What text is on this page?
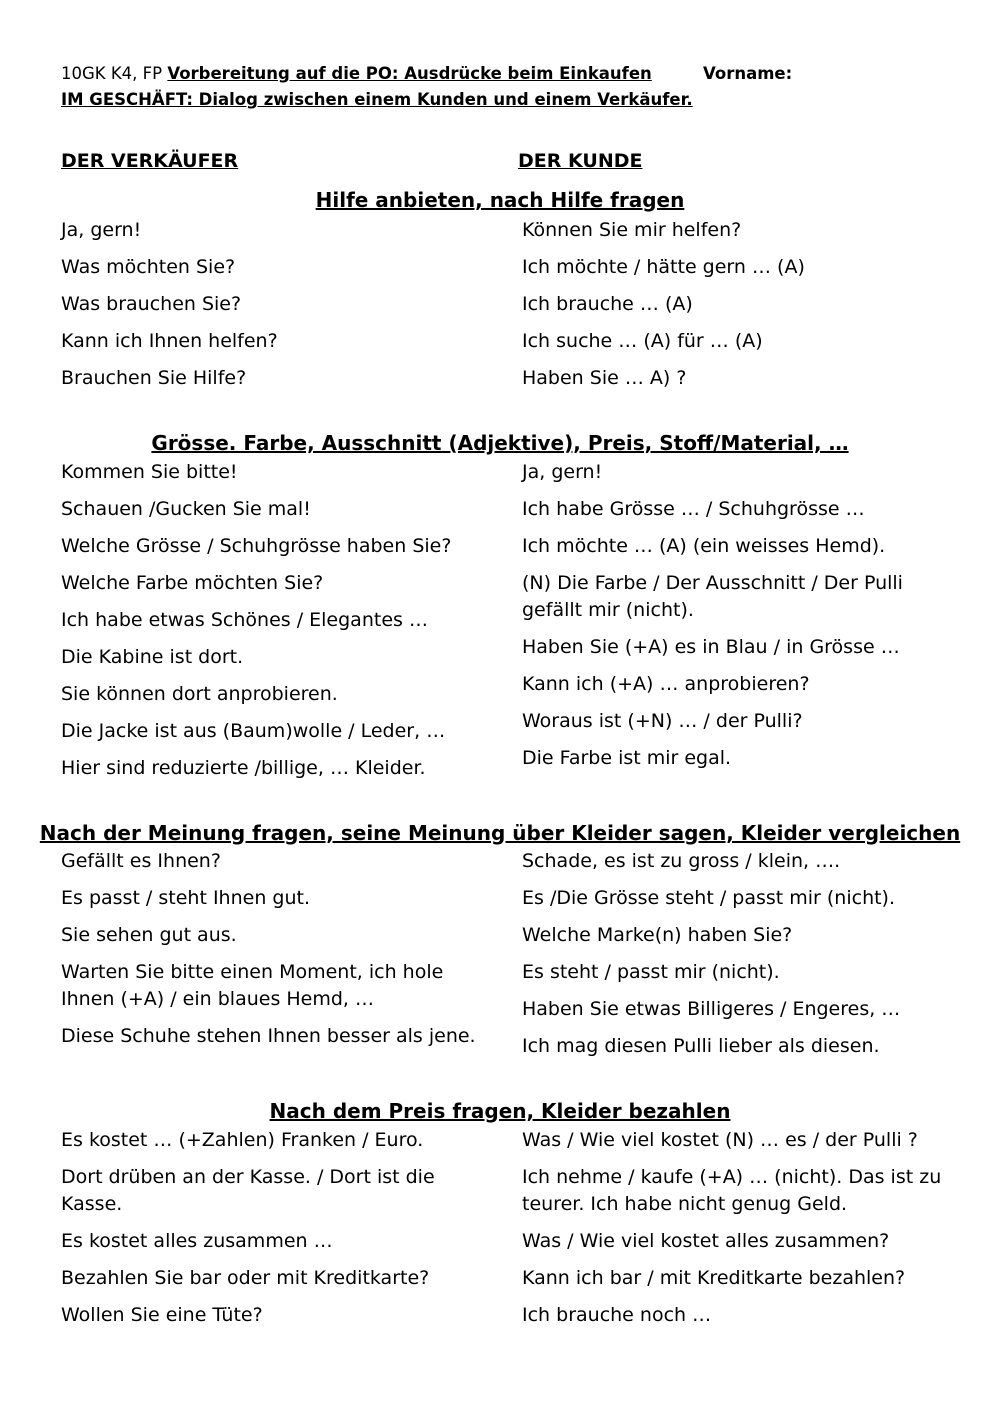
10GK K4, FP Vorbereitung auf die PO: Ausdrücke beim Einkaufen	Vorname:
IM GESCHÄFT: Dialog zwischen einem Kunden und einem Verkäufer.
DER VERKÄUFER	DER KUNDE
Hilfe anbieten, nach Hilfe fragen
Ja, gern!
Was möchten Sie?
Was brauchen Sie?
Kann ich Ihnen helfen?
Brauchen Sie Hilfe?
Können Sie mir helfen?
Ich möchte / hätte gern … (A)
Ich brauche … (A)
Ich suche … (A) für … (A)
Haben Sie … A) ?
Grösse. Farbe, Ausschnitt (Adjektive), Preis, Stoff/Material, …
Kommen Sie bitte!
Schauen /Gucken Sie mal!
Welche Grösse / Schuhgrösse haben Sie?
Welche Farbe möchten Sie?
Ich habe etwas Schönes / Elegantes …
Die Kabine ist dort.
Sie können dort anprobieren.
Die Jacke ist aus (Baum)wolle / Leder, …
Hier sind reduzierte /billige, … Kleider.
Ja, gern!
Ich habe Grösse … / Schuhgrösse …
Ich möchte … (A) (ein weisses Hemd).
(N) Die Farbe / Der Ausschnitt / Der Pulli gefällt mir (nicht).
Haben Sie (+A) es in Blau / in Grösse …
Kann ich (+A) … anprobieren?
Woraus ist (+N) … / der Pulli?
Die Farbe ist mir egal.
Nach der Meinung fragen, seine Meinung über Kleider sagen, Kleider vergleichen
Gefällt es Ihnen?
Es passt / steht Ihnen gut.
Sie sehen gut aus.
Warten Sie bitte einen Moment, ich hole Ihnen (+A) / ein blaues Hemd, …
Diese Schuhe stehen Ihnen besser als jene.
Schade, es ist zu gross / klein, ….
Es /Die Grösse steht / passt mir (nicht).
Welche Marke(n) haben Sie?
Es steht / passt mir (nicht).
Haben Sie etwas Billigeres / Engeres, …
Ich mag diesen Pulli lieber als diesen.
Nach dem Preis fragen, Kleider bezahlen
Es kostet … (+Zahlen) Franken / Euro.
Dort drüben an der Kasse. / Dort ist die Kasse.
Es kostet alles zusammen …
Bezahlen Sie bar oder mit Kreditkarte?
Wollen Sie eine Tüte?
Was / Wie viel kostet (N) … es / der Pulli ?
Ich nehme / kaufe (+A) … (nicht). Das ist zu teurer. Ich habe nicht genug Geld.
Was / Wie viel kostet alles zusammen?
Kann ich bar / mit Kreditkarte bezahlen?
Ich brauche noch …
